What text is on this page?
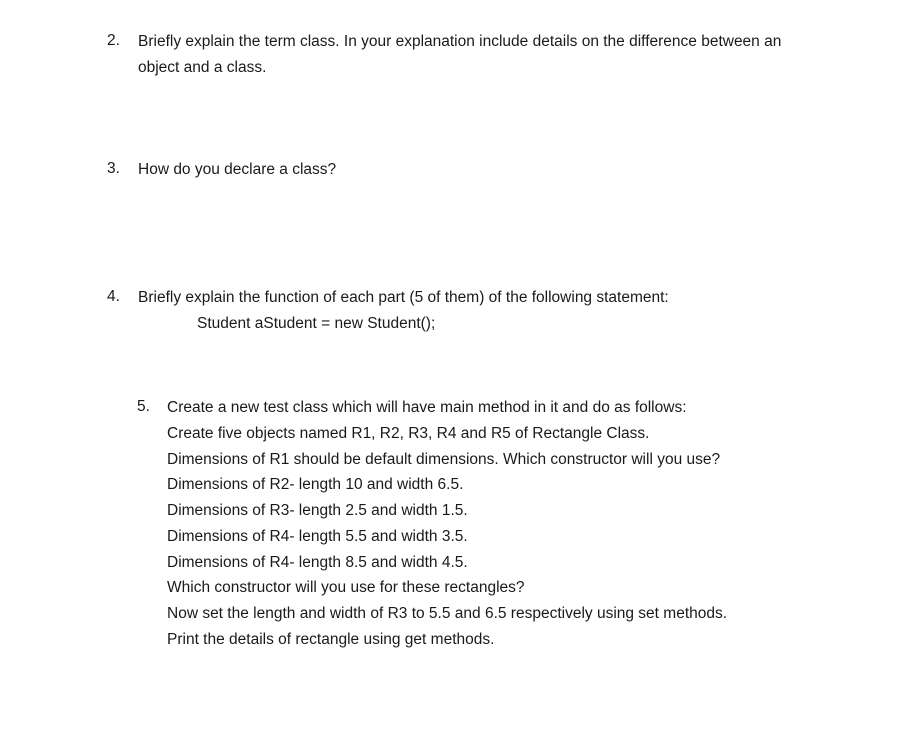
2. Briefly explain the term class. In your explanation include details on the difference between an
object and a class.
3. How do you declare a class?
4. Briefly explain the function of each part (5 of them) of the following statement:
Student aStudent = new Student();
5. Create a new test class which will have main method in it and do as follows:
Create five objects named R1, R2, R3, R4 and R5 of Rectangle Class.
Dimensions of R1 should be default dimensions. Which constructor will you use?
Dimensions of R2- length 10 and width 6.5.
Dimensions of R3- length 2.5 and width 1.5.
Dimensions of R4- length 5.5 and width 3.5.
Dimensions of R4- length 8.5 and width 4.5.
Which constructor will you use for these rectangles?
Now set the length and width of R3 to 5.5 and 6.5 respectively using set methods.
Print the details of rectangle using get methods.
